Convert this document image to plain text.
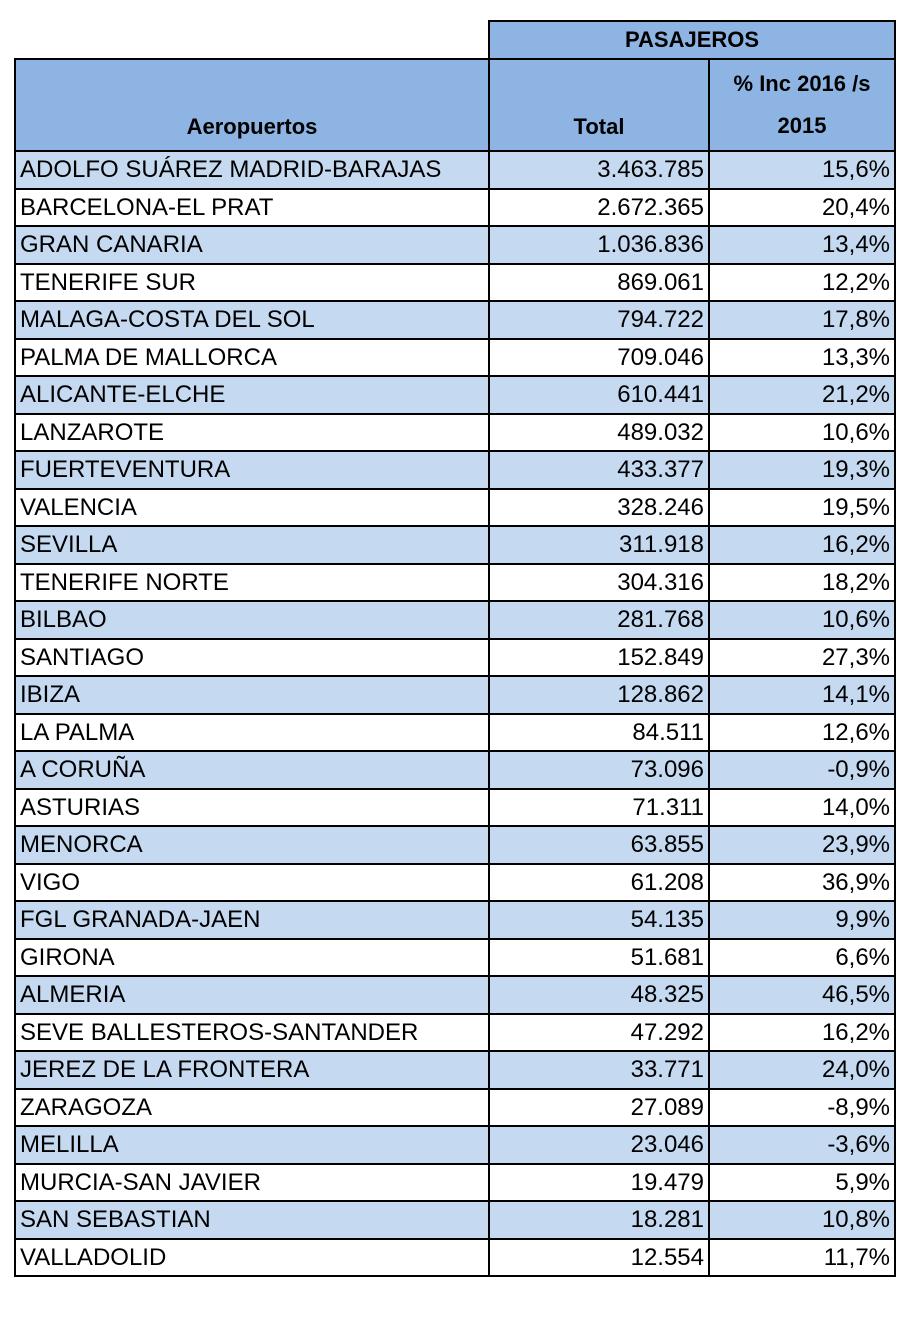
	PASAJEROS	
Aeropuertos	Total	% Inc 2016 /s 2015
ADOLFO SUÁREZ MADRID-BARAJAS	3.463.785	15,6%
BARCELONA-EL PRAT	2.672.365	20,4%
GRAN CANARIA	1.036.836	13,4%
TENERIFE SUR	869.061	12,2%
MALAGA-COSTA DEL SOL	794.722	17,8%
PALMA DE MALLORCA	709.046	13,3%
ALICANTE-ELCHE	610.441	21,2%
LANZAROTE	489.032	10,6%
FUERTEVENTURA	433.377	19,3%
VALENCIA	328.246	19,5%
SEVILLA	311.918	16,2%
TENERIFE NORTE	304.316	18,2%
BILBAO	281.768	10,6%
SANTIAGO	152.849	27,3%
IBIZA	128.862	14,1%
LA PALMA	84.511	12,6%
A CORUÑA	73.096	-0,9%
ASTURIAS	71.311	14,0%
MENORCA	63.855	23,9%
VIGO	61.208	36,9%
FGL GRANADA-JAEN	54.135	9,9%
GIRONA	51.681	6,6%
ALMERIA	48.325	46,5%
SEVE BALLESTEROS-SANTANDER	47.292	16,2%
JEREZ DE LA FRONTERA	33.771	24,0%
ZARAGOZA	27.089	-8,9%
MELILLA	23.046	-3,6%
MURCIA-SAN JAVIER	19.479	5,9%
SAN SEBASTIAN	18.281	10,8%
VALLADOLID	12.554	11,7%
